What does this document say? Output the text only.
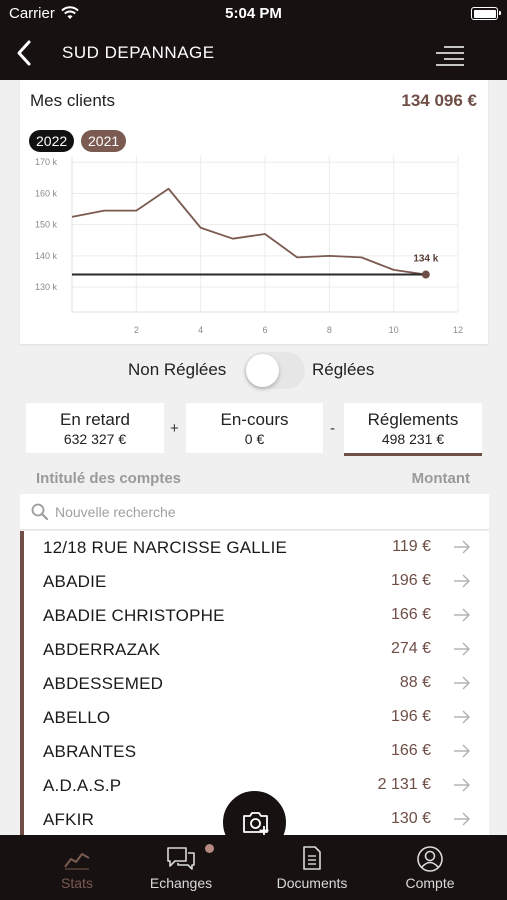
Carrier	5:04 PM
SUD DEPANNAGE
Mes clients	134 096 €
2022	2021
170 k
160 k
150 k
140 k
130 k
2	4	6	8	10	12
134 k
Non Réglées	Réglées
En retard
632 327 €
+	En-cours
0 €
-	Réglements
498 231 €
Intitulé des comptes	Montant
Nouvelle recherche
12/18 RUE NARCISSE GALLIE	119 €
ABADIE	196 €
ABADIE CHRISTOPHE	166 €
ABDERRAZAK	274 €
ABDESSEMED	88 €
ABELLO	196 €
ABRANTES	166 €
A.D.A.S.P	2 131 €
AFKIR	130 €
Stats	Echanges	Documents	Compte
